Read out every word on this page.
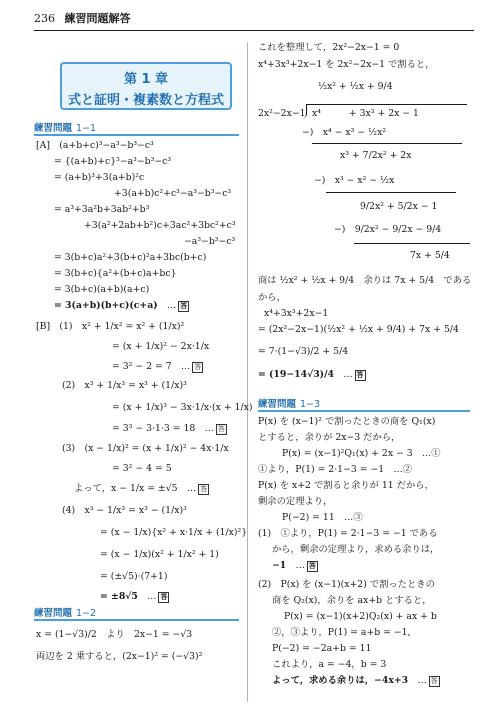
236 練習問題解答
第 1 章
式と証明・複素数と方程式
練習問題 1−1
[A]　(a+b+c)³−a³−b³−c³
= {(a+b)+c}³−a³−b³−c³
= (a+b)³+3(a+b)²c
+3(a+b)c²+c³−a³−b³−c³
= a³+3a²b+3ab²+b³
+3(a²+2ab+b²)c+3ac²+3bc²+c³
−a³−b³−c³
= 3(b+c)a²+3(b+c)²a+3bc(b+c)
= 3(b+c){a²+(b+c)a+bc}
= 3(b+c)(a+b)(a+c)
= 3(a+b)(b+c)(c+a)　… 答
[B]　(1)　x² + 1/x² = x² + (1/x)²
= (x + 1/x)² − 2x·1/x
= 3² − 2 = 7　… 答
(2)　x³ + 1/x³ = x³ + (1/x)³
= (x + 1/x)³ − 3x·1/x·(x + 1/x)
= 3³ − 3·1·3 = 18　… 答
(3)　(x − 1/x)² = (x + 1/x)² − 4x·1/x
= 3² − 4 = 5
よって，x − 1/x = ±√5　… 答
(4)　x³ − 1/x³ = x³ − (1/x)³
= (x − 1/x){x² + x·1/x + (1/x)²}
= (x − 1/x)(x² + 1/x² + 1)
= (±√5)·(7+1)
= ±8√5　… 答
練習問題 1−2
x = (1−√3)/2　より　2x−1 = −√3
両辺を 2 乗すると，(2x−1)² = (−√3)²
これを整理して，2x²−2x−1 = 0
x⁴+3x³+2x−1 を 2x²−2x−1 で割ると，
½x² + ½x + 9/4
2x²−2x−1 x⁴　　　+ 3x³ + 2x − 1
−)　x⁴ − x³ − ½x²
x³ + 7/2x² + 2x
−)　x³ − x² − ½x
9/2x² + 5/2x − 1
−)　9/2x² − 9/2x − 9/4
7x + 5/4
商は ½x² + ½x + 9/4　余りは 7x + 5/4　である
から，
x⁴+3x³+2x−1
= (2x²−2x−1)(½x² + ½x + 9/4) + 7x + 5/4
= 7·(1−√3)/2 + 5/4
= (19−14√3)/4　… 答
練習問題 1−3
P(x) を (x−1)² で割ったときの商を Q₁(x)
とすると，余りが 2x−3 だから，
P(x) = (x−1)²Q₁(x) + 2x − 3　…①
①より，P(1) = 2·1−3 = −1　…②
P(x) を x+2 で割ると余りが 11 だから，
剰余の定理より，
P(−2) = 11　…③
(1)　①より，P(1) = 2·1−3 = −1 である
から，剰余の定理より，求める余りは，
−1　… 答
(2)　P(x) を (x−1)(x+2) で割ったときの
商を Q₂(x)，余りを ax+b とすると，
P(x) = (x−1)(x+2)Q₂(x) + ax + b
②，③より，P(1) = a+b = −1,
P(−2) = −2a+b = 11
これより，a = −4，b = 3
よって，求める余りは，−4x+3　… 答
